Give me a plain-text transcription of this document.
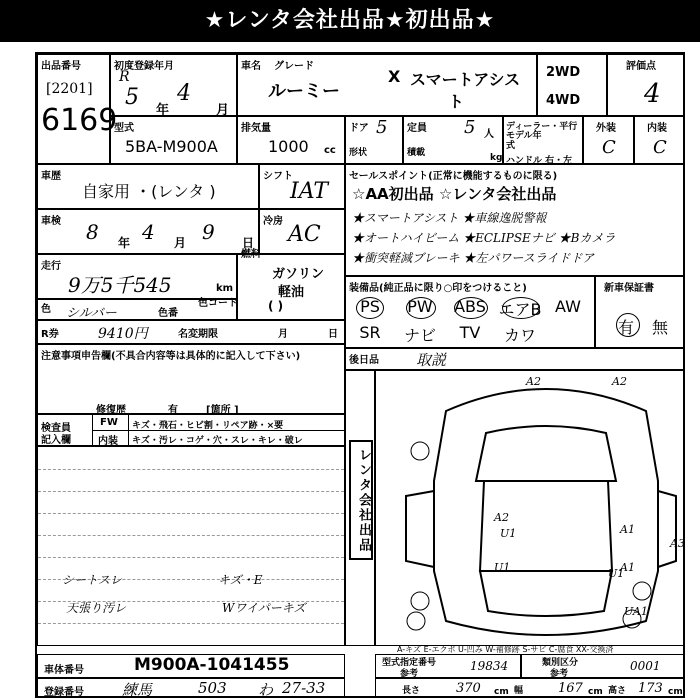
★レンタ会社出品★初出品★
出品番号
[2201]
6169
初度登録年月
R
5
年
4
月
車名 グレード
ルーミー
X スマートアシス
ト
2WD
4WD
評価点
4
型式
5BA-M900A
排気量
1000 cc
ドア 5
形状
定員 5 人
積載	kg
ディーラー・平行
モデル年式
ハンドル 右・左
外装
C
内装
C
車歴
自家用 ・(レンタ )
シフト
IAT
セールスポイント(正常に機能するものに限る)
☆AA初出品 ☆レンタ会社出品
★スマートアシスト ★車線逸脱警報
★オートハイビーム ★ECLIPSEナビ ★Bカメラ
★衝突軽減ブレーキ ★左パワースライドドア
車検 8 年 4 月 9 日
冷房
AC
走行
9万5千545	km
燃料
ガソリン
軽油
( )
装備品(純正品に限り○印をつけること)
PS	PW	ABS エアB AW
SR	ナビ	TV	カワ
新車保証書
有 無
色 シルバー	色番
色コード
R券	9410円	名変期限	月	日
後日品 取説
注意事項申告欄(不具合内容等は具体的に記入して下さい)
修復歴	有	[箇所 ]
検査員
記入欄
FW
内装
キズ・飛石・ヒビ割・リペア跡・×要
キズ・汚レ・コゲ・穴・スレ・キレ・破レ
シートスレ	キズ・E
天張り汚レ	Wワイパーキズ
レンタ会社出品
A2	A2
A2
U1
U1
A1
A1
A3
U1
UA1
A-キズ E-エクボ U-凹み W-補修跡 S-サビ C-腐食 XX-交換済
車体番号	M900A-1041455
登録番号	練馬	503 わ 27-33
型式指定番号
参考
19834	類別区分
参考
0001
長さ	370 cm 幅	167 cm 高さ 173 cm
